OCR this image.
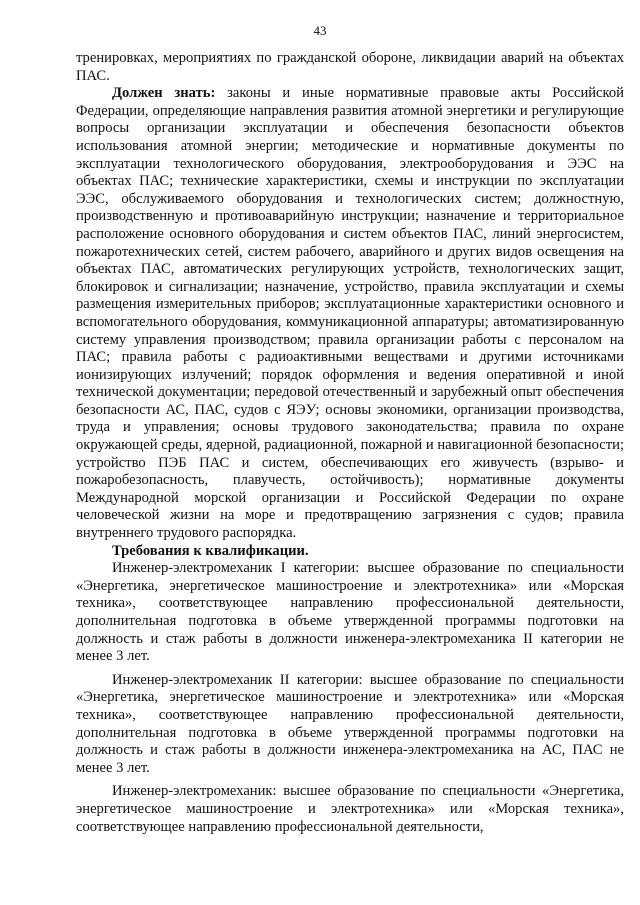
43

тренировках, мероприятиях по гражданской обороне, ликвидации аварий на объектах ПАС.

Должен знать: законы и иные нормативные правовые акты Российской Федерации, определяющие направления развития атомной энергетики и регулирующие вопросы организации эксплуатации и обеспечения безопасности объектов использования атомной энергии; методические и нормативные документы по эксплуатации технологического оборудования, электрооборудования и ЭЭС на объектах ПАС; технические характеристики, схемы и инструкции по эксплуатации ЭЭС, обслуживаемого оборудования и технологических систем; должностную, производственную и противоаварийную инструкции; назначение и территориальное расположение основного оборудования и систем объектов ПАС, линий энергосистем, пожаротехнических сетей, систем рабочего, аварийного и других видов освещения на объектах ПАС, автоматических регулирующих устройств, технологических защит, блокировок и сигнализации; назначение, устройство, правила эксплуатации и схемы размещения измерительных приборов; эксплуатационные характеристики основного и вспомогательного оборудования, коммуникационной аппаратуры; автоматизированную систему управления производством; правила организации работы с персоналом на ПАС; правила работы с радиоактивными веществами и другими источниками ионизирующих излучений; порядок оформления и ведения оперативной и иной технической документации; передовой отечественный и зарубежный опыт обеспечения безопасности АС, ПАС, судов с ЯЭУ; основы экономики, организации производства, труда и управления; основы трудового законодательства; правила по охране окружающей среды, ядерной, радиационной, пожарной и навигационной безопасности; устройство ПЭБ ПАС и систем, обеспечивающих его живучесть (взрыво- и пожаробезопасность, плавучесть, остойчивость); нормативные документы Международной морской организации и Российской Федерации по охране человеческой жизни на море и предотвращению загрязнения с судов; правила внутреннего трудового распорядка.

Требования к квалификации.

Инженер-электромеханик I категории: высшее образование по специальности «Энергетика, энергетическое машиностроение и электротехника» или «Морская техника», соответствующее направлению профессиональной деятельности, дополнительная подготовка в объеме утвержденной программы подготовки на должность и стаж работы в должности инженера-электромеханика II категории не менее 3 лет.

Инженер-электромеханик II категории: высшее образование по специальности «Энергетика, энергетическое машиностроение и электротехника» или «Морская техника», соответствующее направлению профессиональной деятельности, дополнительная подготовка в объеме утвержденной программы подготовки на должность и стаж работы в должности инженера-электромеханика на АС, ПАС не менее 3 лет.

Инженер-электромеханик: высшее образование по специальности «Энергетика, энергетическое машиностроение и электротехника» или «Морская техника», соответствующее направлению профессиональной деятельности,
